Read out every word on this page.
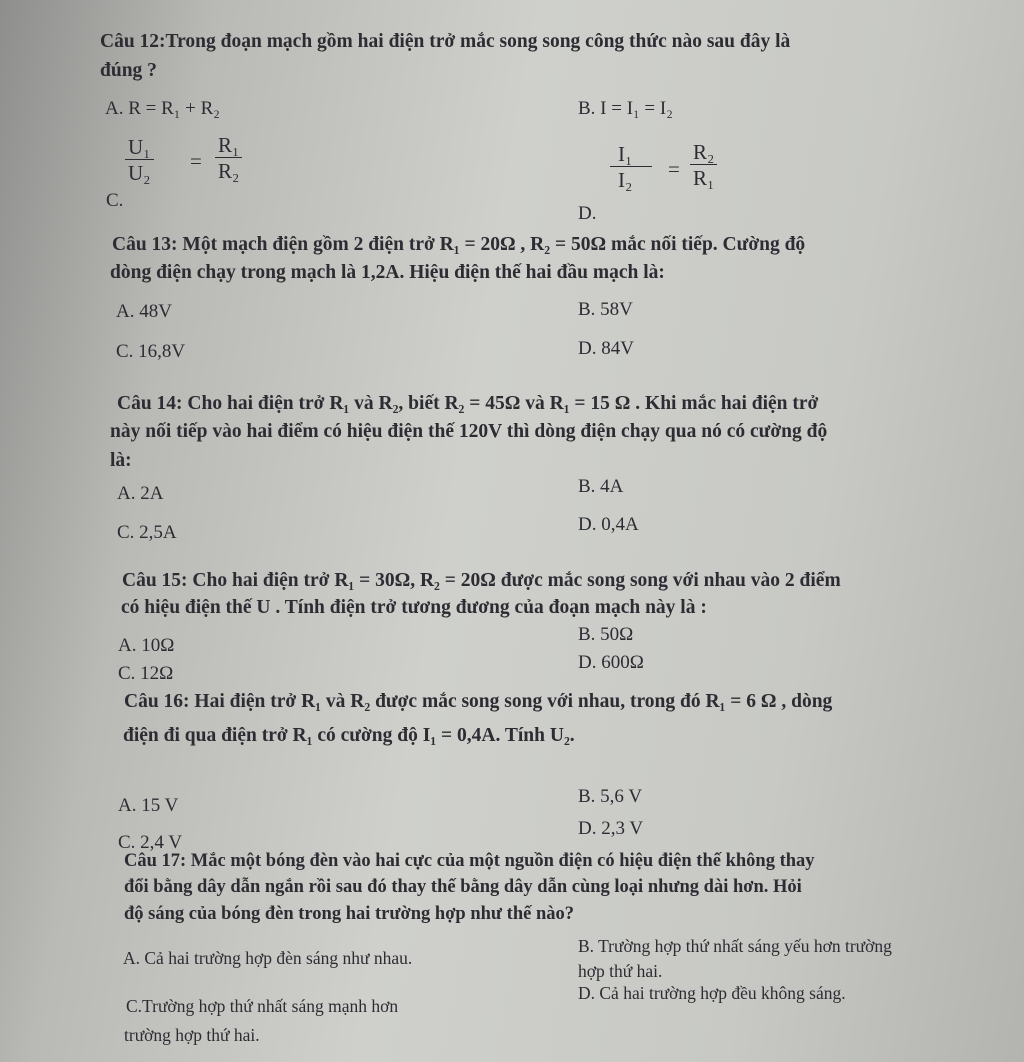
Câu 12:Trong đoạn mạch gồm hai điện trở mắc song song công thức nào sau đây là
đúng ?
A. R = R₁ + R₂	B. I = I₁ = I₂
C.
$\frac{\text{U₁}}{\text{U₂}} = \frac{\text{R₁}}{\text{R₂}}$
D.
$\frac{\text{I₁}}{\text{I₂}} = \frac{\text{R₂}}{\text{R₁}}$
Câu 13: Một mạch điện gồm 2 điện trở R₁ = 20Ω , R₂ = 50Ω mắc nối tiếp. Cường độ
dòng điện chạy trong mạch là 1,2A. Hiệu điện thế hai đầu mạch là:
A. 48V	B. 58V
C. 16,8V	D. 84V
Câu 14: Cho hai điện trở R₁ và R₂, biết R₂ = 45Ω và R₁ = 15 Ω . Khi mắc hai điện trở
này nối tiếp vào hai điểm có hiệu điện thế 120V thì dòng điện chạy qua nó có cường độ
là:
A. 2A	B. 4A
C. 2,5A	D. 0,4A
Câu 15: Cho hai điện trở R₁ = 30Ω, R₂ = 20Ω được mắc song song với nhau vào 2 điểm
có hiệu điện thế U . Tính điện trở tương đương của đoạn mạch này là :
A. 10Ω
B. 50Ω
C. 12Ω
D. 600Ω
Câu 16: Hai điện trở R₁ và R₂ được mắc song song với nhau, trong đó R₁ = 6 Ω , dòng
điện đi qua điện trở R₁ có cường độ I₁ = 0,4A. Tính U₂.
A. 15 V	B. 5,6 V
C. 2,4 V
D. 2,3 V
Câu 17: Mắc một bóng đèn vào hai cực của một nguồn điện có hiệu điện thế không thay
đổi bằng dây dẫn ngắn rồi sau đó thay thế bằng dây dẫn cùng loại nhưng dài hơn. Hỏi
độ sáng của bóng đèn trong hai trường hợp như thế nào?
A. Cả hai trường hợp đèn sáng như nhau.
B. Trường hợp thứ nhất sáng yếu hơn trường
hợp thứ hai.
C.Trường hợp thứ nhất sáng mạnh hơn
trường hợp thứ hai.
D. Cả hai trường hợp đều không sáng.
